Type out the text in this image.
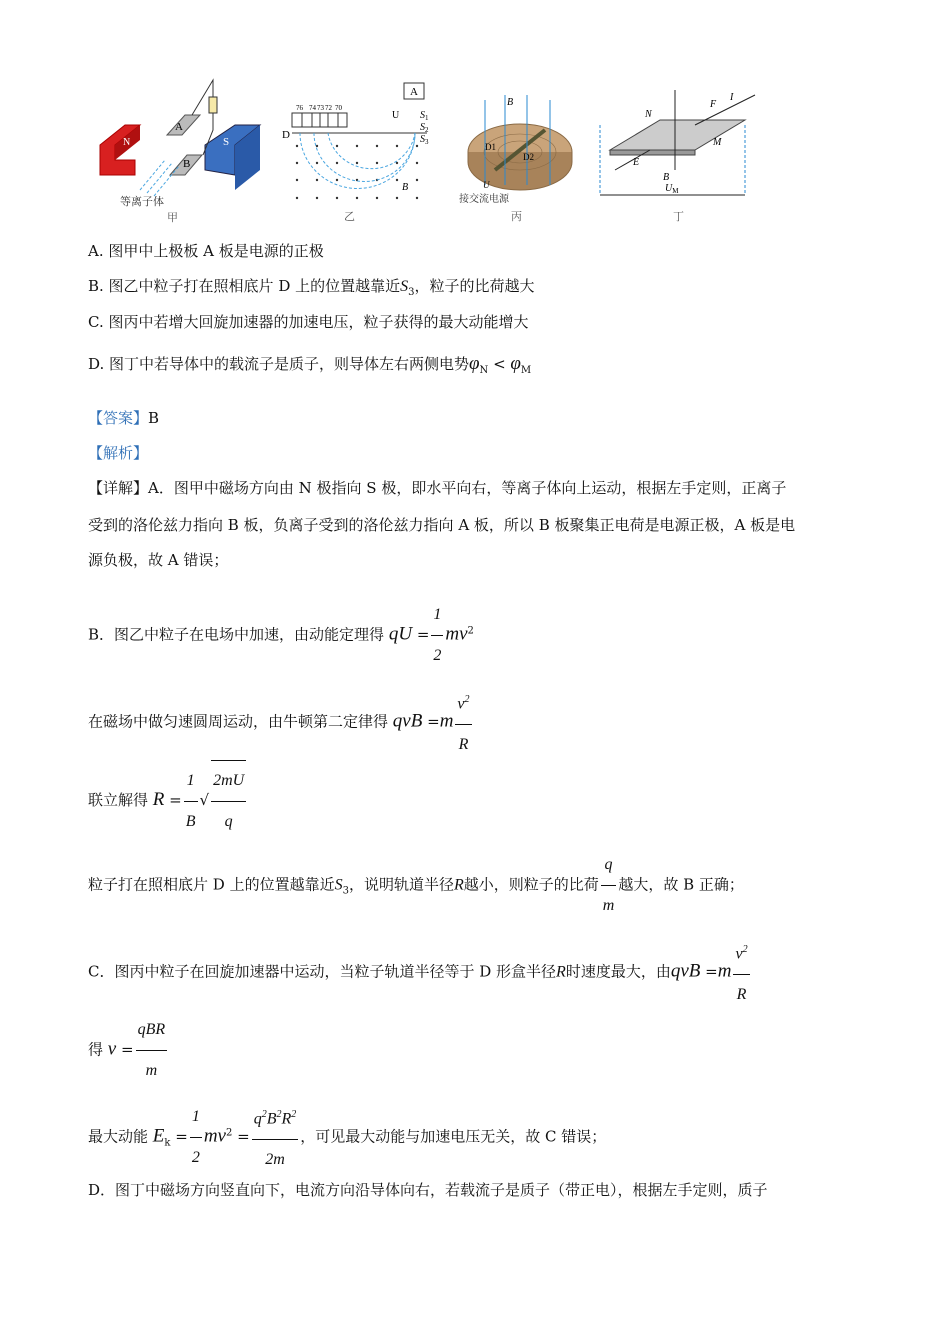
N	S
A
B
等离子体
甲
76 74 73 72 70
D
A
U $S_1$
$S_2$
$S_3$
B
乙
B
D1
D2
U
接交流电源
丙
N
F
I
M
E
B
$U_M$
丁
A. 图甲中上极板 A 板是电源的正极
B. 图乙中粒子打在照相底片 D 上的位置越靠近$S_3$，粒子的比荷越大
C. 图丙中若增大回旋加速器的加速电压，粒子获得的最大动能增大
D. 图丁中若导体中的载流子是质子，则导体左右两侧电势$\varphi_N < \varphi_M$
【答案】B
【解析】
【详解】A．图甲中磁场方向由 N 极指向 S 极，即水平向右，等离子体向上运动，根据左手定则，正离子
受到的洛伦兹力指向 B 板，负离子受到的洛伦兹力指向 A 板，所以 B 板聚集正电荷是电源正极，A 板是电
源负极，故 A 错误；
B．图乙中粒子在电场中加速，由动能定理得 qU = $\frac{1}{2} mv^2$
在磁场中做匀速圆周运动，由牛顿第二定律得 qvB $=m \frac{v^2}{R}$
联立解得 $R = \frac{1}{B}$ √ $\frac{2mU}{q}$
粒子打在照相底片 D 上的位置越靠近$S_3$，说明轨道半径R越小，则粒子的比荷 $\frac{q}{m}$ 越大，故 B 正确；
C．图丙中粒子在回旋加速器中运动，当粒子轨道半径等于 D 形盒半径R时速度最大，由qvB $=m \frac{v^2}{R}$
得 $v = \frac{\text{qBR}}{m}$
最大动能 $E_k = \frac{1}{2} mv^2 = \frac{q^2B^2R^2}{2m}$ ，可见最大动能与加速电压无关，故 C 错误；
D．图丁中磁场方向竖直向下，电流方向沿导体向右，若载流子是质子（带正电），根据左手定则，质子
